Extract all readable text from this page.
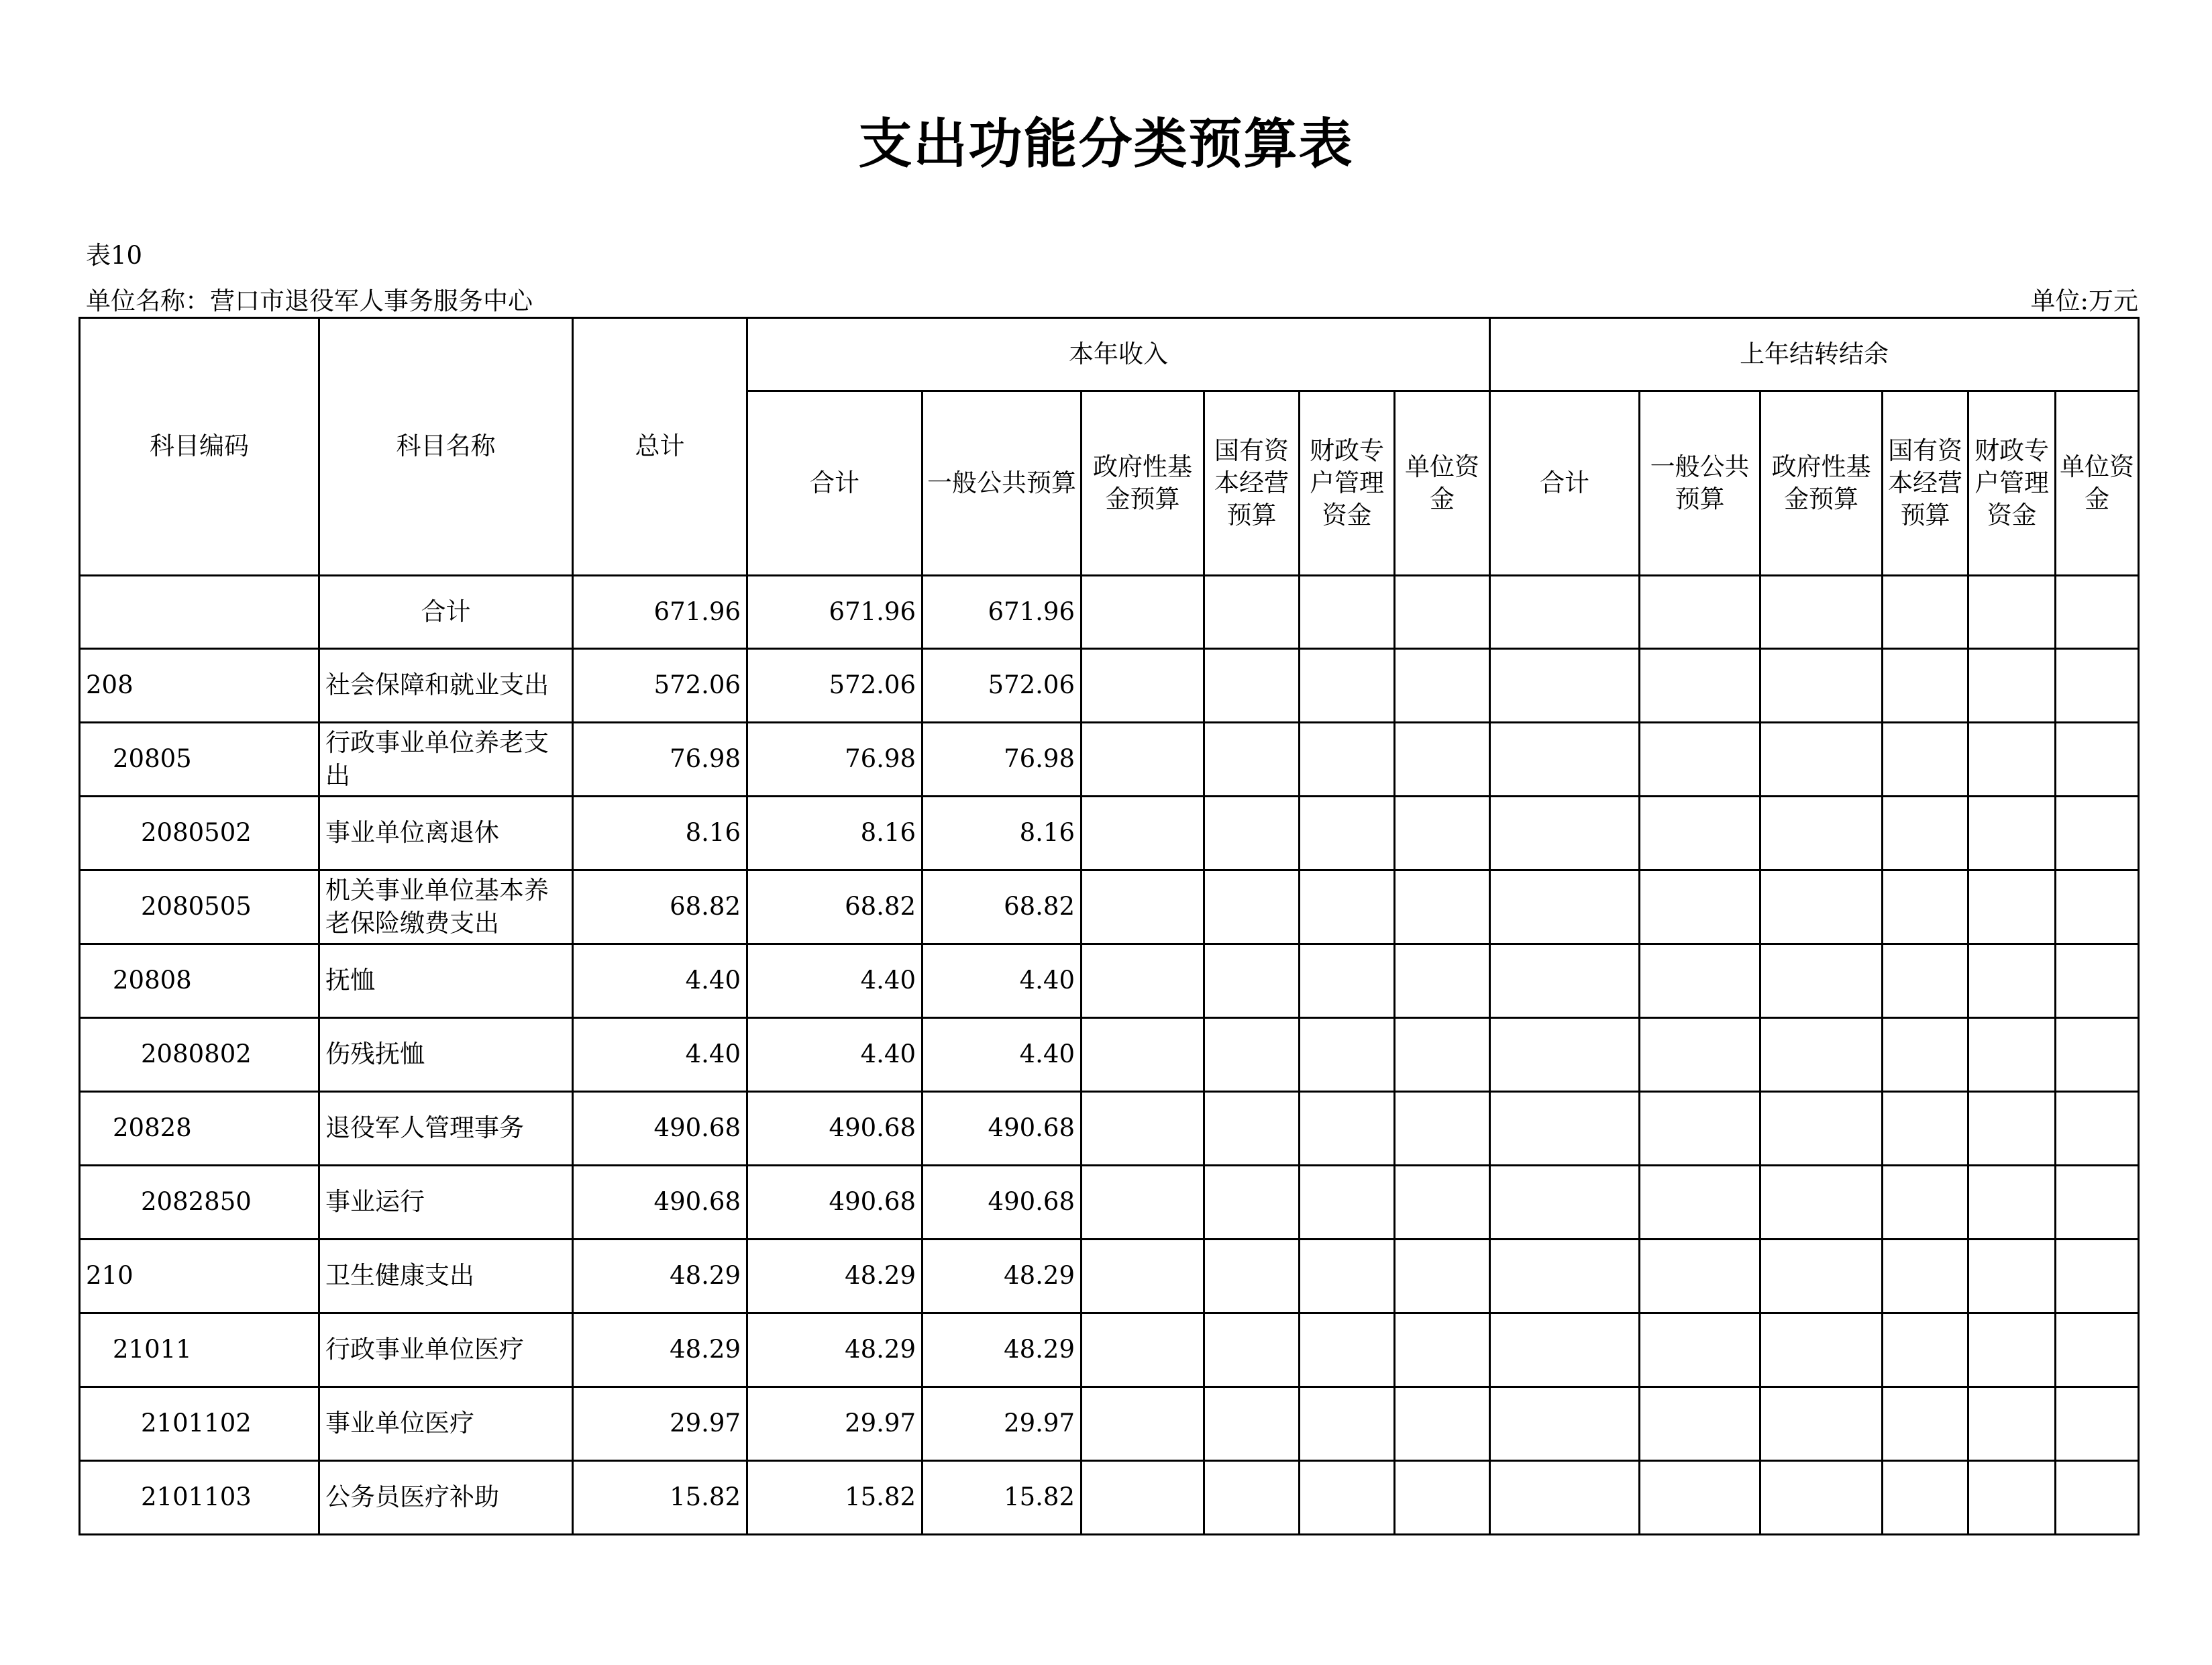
支出功能分类预算表
表10
单位名称：营口市退役军人事务服务中心	单位:万元
科目编码	科目名称	总计	本年收入						上年结转结余					
			合计	一般公共预算	政府性基金预算	国有资本经营预算	财政专户管理资金	单位资金	合计	一般公共预算	政府性基金预算	国有资本经营预算	财政专户管理资金	单位资金
	合计	671.96	671.96	671.96										
208	社会保障和就业支出	572.06	572.06	572.06										
20805	行政事业单位养老支出	76.98	76.98	76.98										
2080502	事业单位离退休	8.16	8.16	8.16										
2080505	机关事业单位基本养老保险缴费支出	68.82	68.82	68.82										
20808	抚恤	4.40	4.40	4.40										
2080802	伤残抚恤	4.40	4.40	4.40										
20828	退役军人管理事务	490.68	490.68	490.68										
2082850	事业运行	490.68	490.68	490.68										
210	卫生健康支出	48.29	48.29	48.29										
21011	行政事业单位医疗	48.29	48.29	48.29										
2101102	事业单位医疗	29.97	29.97	29.97										
2101103	公务员医疗补助	15.82	15.82	15.82										
